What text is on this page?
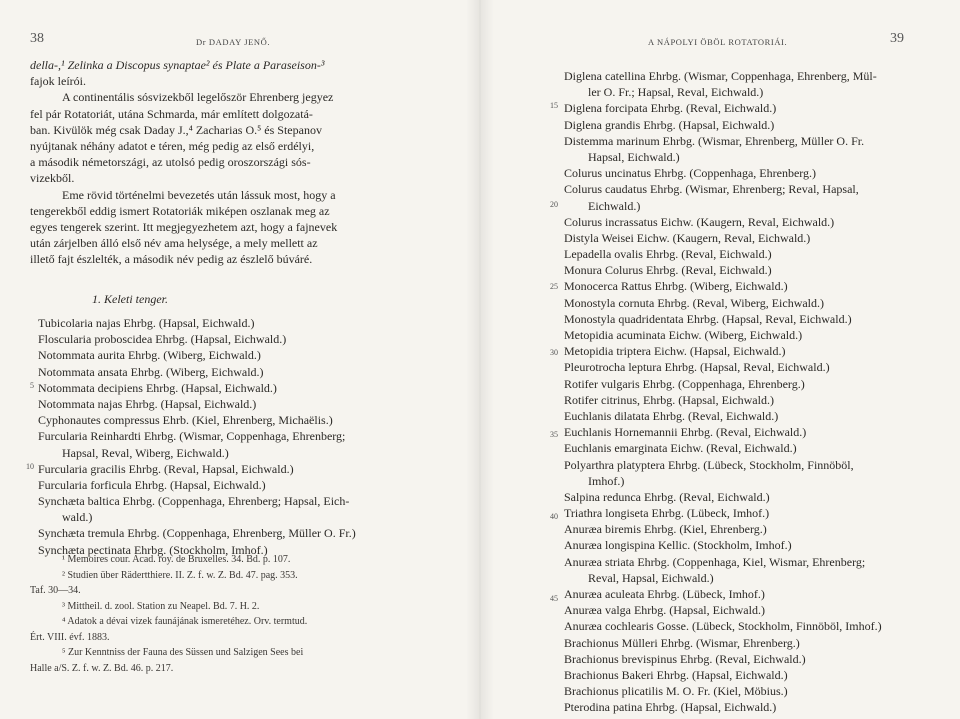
38	Dr DADAY JENŐ.
della-,¹ Zelinka a Discopus synaptae² és Plate a Paraseison-³
fajok leírói.
A continentális sósvizekből legelőször Ehrenberg jegyez
fel pár Rotatoriát, utána Schmarda, már említett dolgozatá-
ban. Kivülök még csak Daday J.,⁴ Zacharias O.⁵ és Stepanov
nyújtanak néhány adatot e téren, még pedig az első erdélyi,
a második németországi, az utolsó pedig oroszországi sós-
vizekből.
Eme rövid történelmi bevezetés után lássuk most, hogy a
tengerekből eddig ismert Rotatoriák miképen oszlanak meg az
egyes tengerek szerint. Itt megjegyezhetem azt, hogy a fajnevek
után zárjelben álló első név ama helysége, a mely mellett az
illető fajt észlelték, a második név pedig az észlelő búváré.
1. Keleti tenger.
Tubicolaria najas Ehrbg. (Hapsal, Eichwald.)
Floscularia proboscidea Ehrbg. (Hapsal, Eichwald.)
Notommata aurita Ehrbg. (Wiberg, Eichwald.)
Notommata ansata Ehrbg. (Wiberg, Eichwald.)
Notommata decipiens Ehrbg. (Hapsal, Eichwald.)
Notommata najas Ehrbg. (Hapsal, Eichwald.)
Cyphonautes compressus Ehrb. (Kiel, Ehrenberg, Michaëlis.)
Furcularia Reinhardti Ehrbg. (Wismar, Coppenhaga, Ehrenberg;
Hapsal, Reval, Wiberg, Eichwald.)
Furcularia gracilis Ehrbg. (Reval, Hapsal, Eichwald.)
Furcularia forficula Ehrbg. (Hapsal, Eichwald.)
Synchæta baltica Ehrbg. (Coppenhaga, Ehrenberg; Hapsal, Eich-
wald.)
Synchæta tremula Ehrbg. (Coppenhaga, Ehrenberg, Müller O. Fr.)
Synchæta pectinata Ehrbg. (Stockholm, Imhof.)
5
10
¹ Memoires cour. Acad. roy. de Bruxelles. 34. Bd. p. 107.
² Studien über Rädertthiere. II. Z. f. w. Z. Bd. 47. pag. 353.
Taf. 30—34.
³ Mittheil. d. zool. Station zu Neapel. Bd. 7. H. 2.
⁴ Adatok a dévai vizek faunájának ismeretéhez. Orv. termtud.
Ért. VIII. évf. 1883.
⁵ Zur Kenntniss der Fauna des Süssen und Salzigen Sees bei
Halle a/S. Z. f. w. Z. Bd. 46. p. 217.
A NÁPOLYI ÖBÖL ROTATORIÁI.	39
Diglena catellina Ehrbg. (Wismar, Coppenhaga, Ehrenberg, Mül-
ler O. Fr.; Hapsal, Reval, Eichwald.)
Diglena forcipata Ehrbg. (Reval, Eichwald.)
Diglena grandis Ehrbg. (Hapsal, Eichwald.)
Distemma marinum Ehrbg. (Wismar, Ehrenberg, Müller O. Fr.
Hapsal, Eichwald.)
Colurus uncinatus Ehrbg. (Coppenhaga, Ehrenberg.)
Colurus caudatus Ehrbg. (Wismar, Ehrenberg; Reval, Hapsal,
Eichwald.)
Colurus incrassatus Eichw. (Kaugern, Reval, Eichwald.)
Distyla Weisei Eichw. (Kaugern, Reval, Eichwald.)
Lepadella ovalis Ehrbg. (Reval, Eichwald.)
Monura Colurus Ehrbg. (Reval, Eichwald.)
Monocerca Rattus Ehrbg. (Wiberg, Eichwald.)
Monostyla cornuta Ehrbg. (Reval, Wiberg, Eichwald.)
Monostyla quadridentata Ehrbg. (Hapsal, Reval, Eichwald.)
Metopidia acuminata Eichw. (Wiberg, Eichwald.)
Metopidia triptera Eichw. (Hapsal, Eichwald.)
Pleurotrocha leptura Ehrbg. (Hapsal, Reval, Eichwald.)
Rotifer vulgaris Ehrbg. (Coppenhaga, Ehrenberg.)
Rotifer citrinus, Ehrbg. (Hapsal, Eichwald.)
Euchlanis dilatata Ehrbg. (Reval, Eichwald.)
Euchlanis Hornemannii Ehrbg. (Reval, Eichwald.)
Euchlanis emarginata Eichw. (Reval, Eichwald.)
Polyarthra platyptera Ehrbg. (Lübeck, Stockholm, Finnöböl,
Imhof.)
Salpina redunca Ehrbg. (Reval, Eichwald.)
Triathra longiseta Ehrbg. (Lübeck, Imhof.)
Anuræa biremis Ehrbg. (Kiel, Ehrenberg.)
Anuræa longispina Kellic. (Stockholm, Imhof.)
Anuræa striata Ehrbg. (Coppenhaga, Kiel, Wismar, Ehrenberg;
Reval, Hapsal, Eichwald.)
Anuræa aculeata Ehrbg. (Lübeck, Imhof.)
Anuræa valga Ehrbg. (Hapsal, Eichwald.)
Anuræa cochlearis Gosse. (Lübeck, Stockholm, Finnöböl, Imhof.)
Brachionus Mülleri Ehrbg. (Wismar, Ehrenberg.)
Brachionus brevispinus Ehrbg. (Reval, Eichwald.)
Brachionus Bakeri Ehrbg. (Hapsal, Eichwald.)
Brachionus plicatilis M. O. Fr. (Kiel, Möbius.)
Pterodina patina Ehrbg. (Hapsal, Eichwald.)
15
20
25
30
35
40
45
